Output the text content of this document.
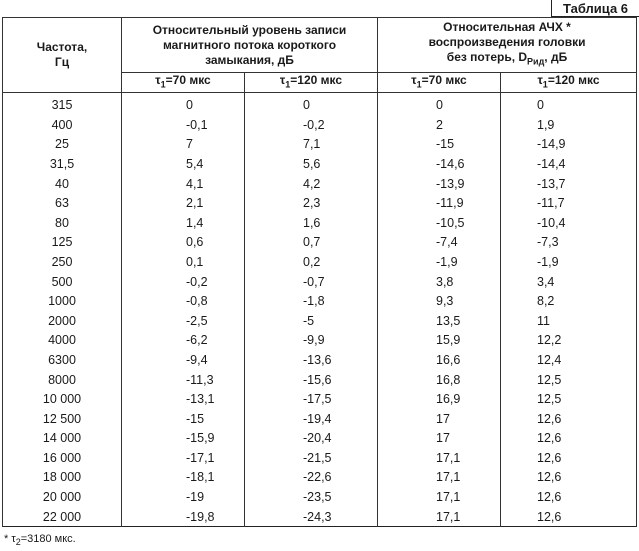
Таблица 6
Частота,
Гц	Относительный уровень записи
магнитного потока короткого
замыкания, дБ		Относительная АЧХ *
воспроизведения головки
без потерь, $D_{Рид}$, дБ	
	$\tau_1=70$ мкс	$\tau_1=120$ мкс	$\tau_1=70$ мкс	$\tau_1=120$ мкс
315	0	0	0	0
400	-0,1	-0,2	2	1,9
25	7	7,1	-15	-14,9
31,5	5,4	5,6	-14,6	-14,4
40	4,1	4,2	-13,9	-13,7
63	2,1	2,3	-11,9	-11,7
80	1,4	1,6	-10,5	-10,4
125	0,6	0,7	-7,4	-7,3
250	0,1	0,2	-1,9	-1,9
500	-0,2	-0,7	3,8	3,4
1000	-0,8	-1,8	9,3	8,2
2000	-2,5	-5	13,5	11
4000	-6,2	-9,9	15,9	12,2
6300	-9,4	-13,6	16,6	12,4
8000	-11,3	-15,6	16,8	12,5
10 000	-13,1	-17,5	16,9	12,5
12 500	-15	-19,4	17	12,6
14 000	-15,9	-20,4	17	12,6
16 000	-17,1	-21,5	17,1	12,6
18 000	-18,1	-22,6	17,1	12,6
20 000	-19	-23,5	17,1	12,6
22 000	-19,8	-24,3	17,1	12,6
* $\tau_2=3180$ мкс.
